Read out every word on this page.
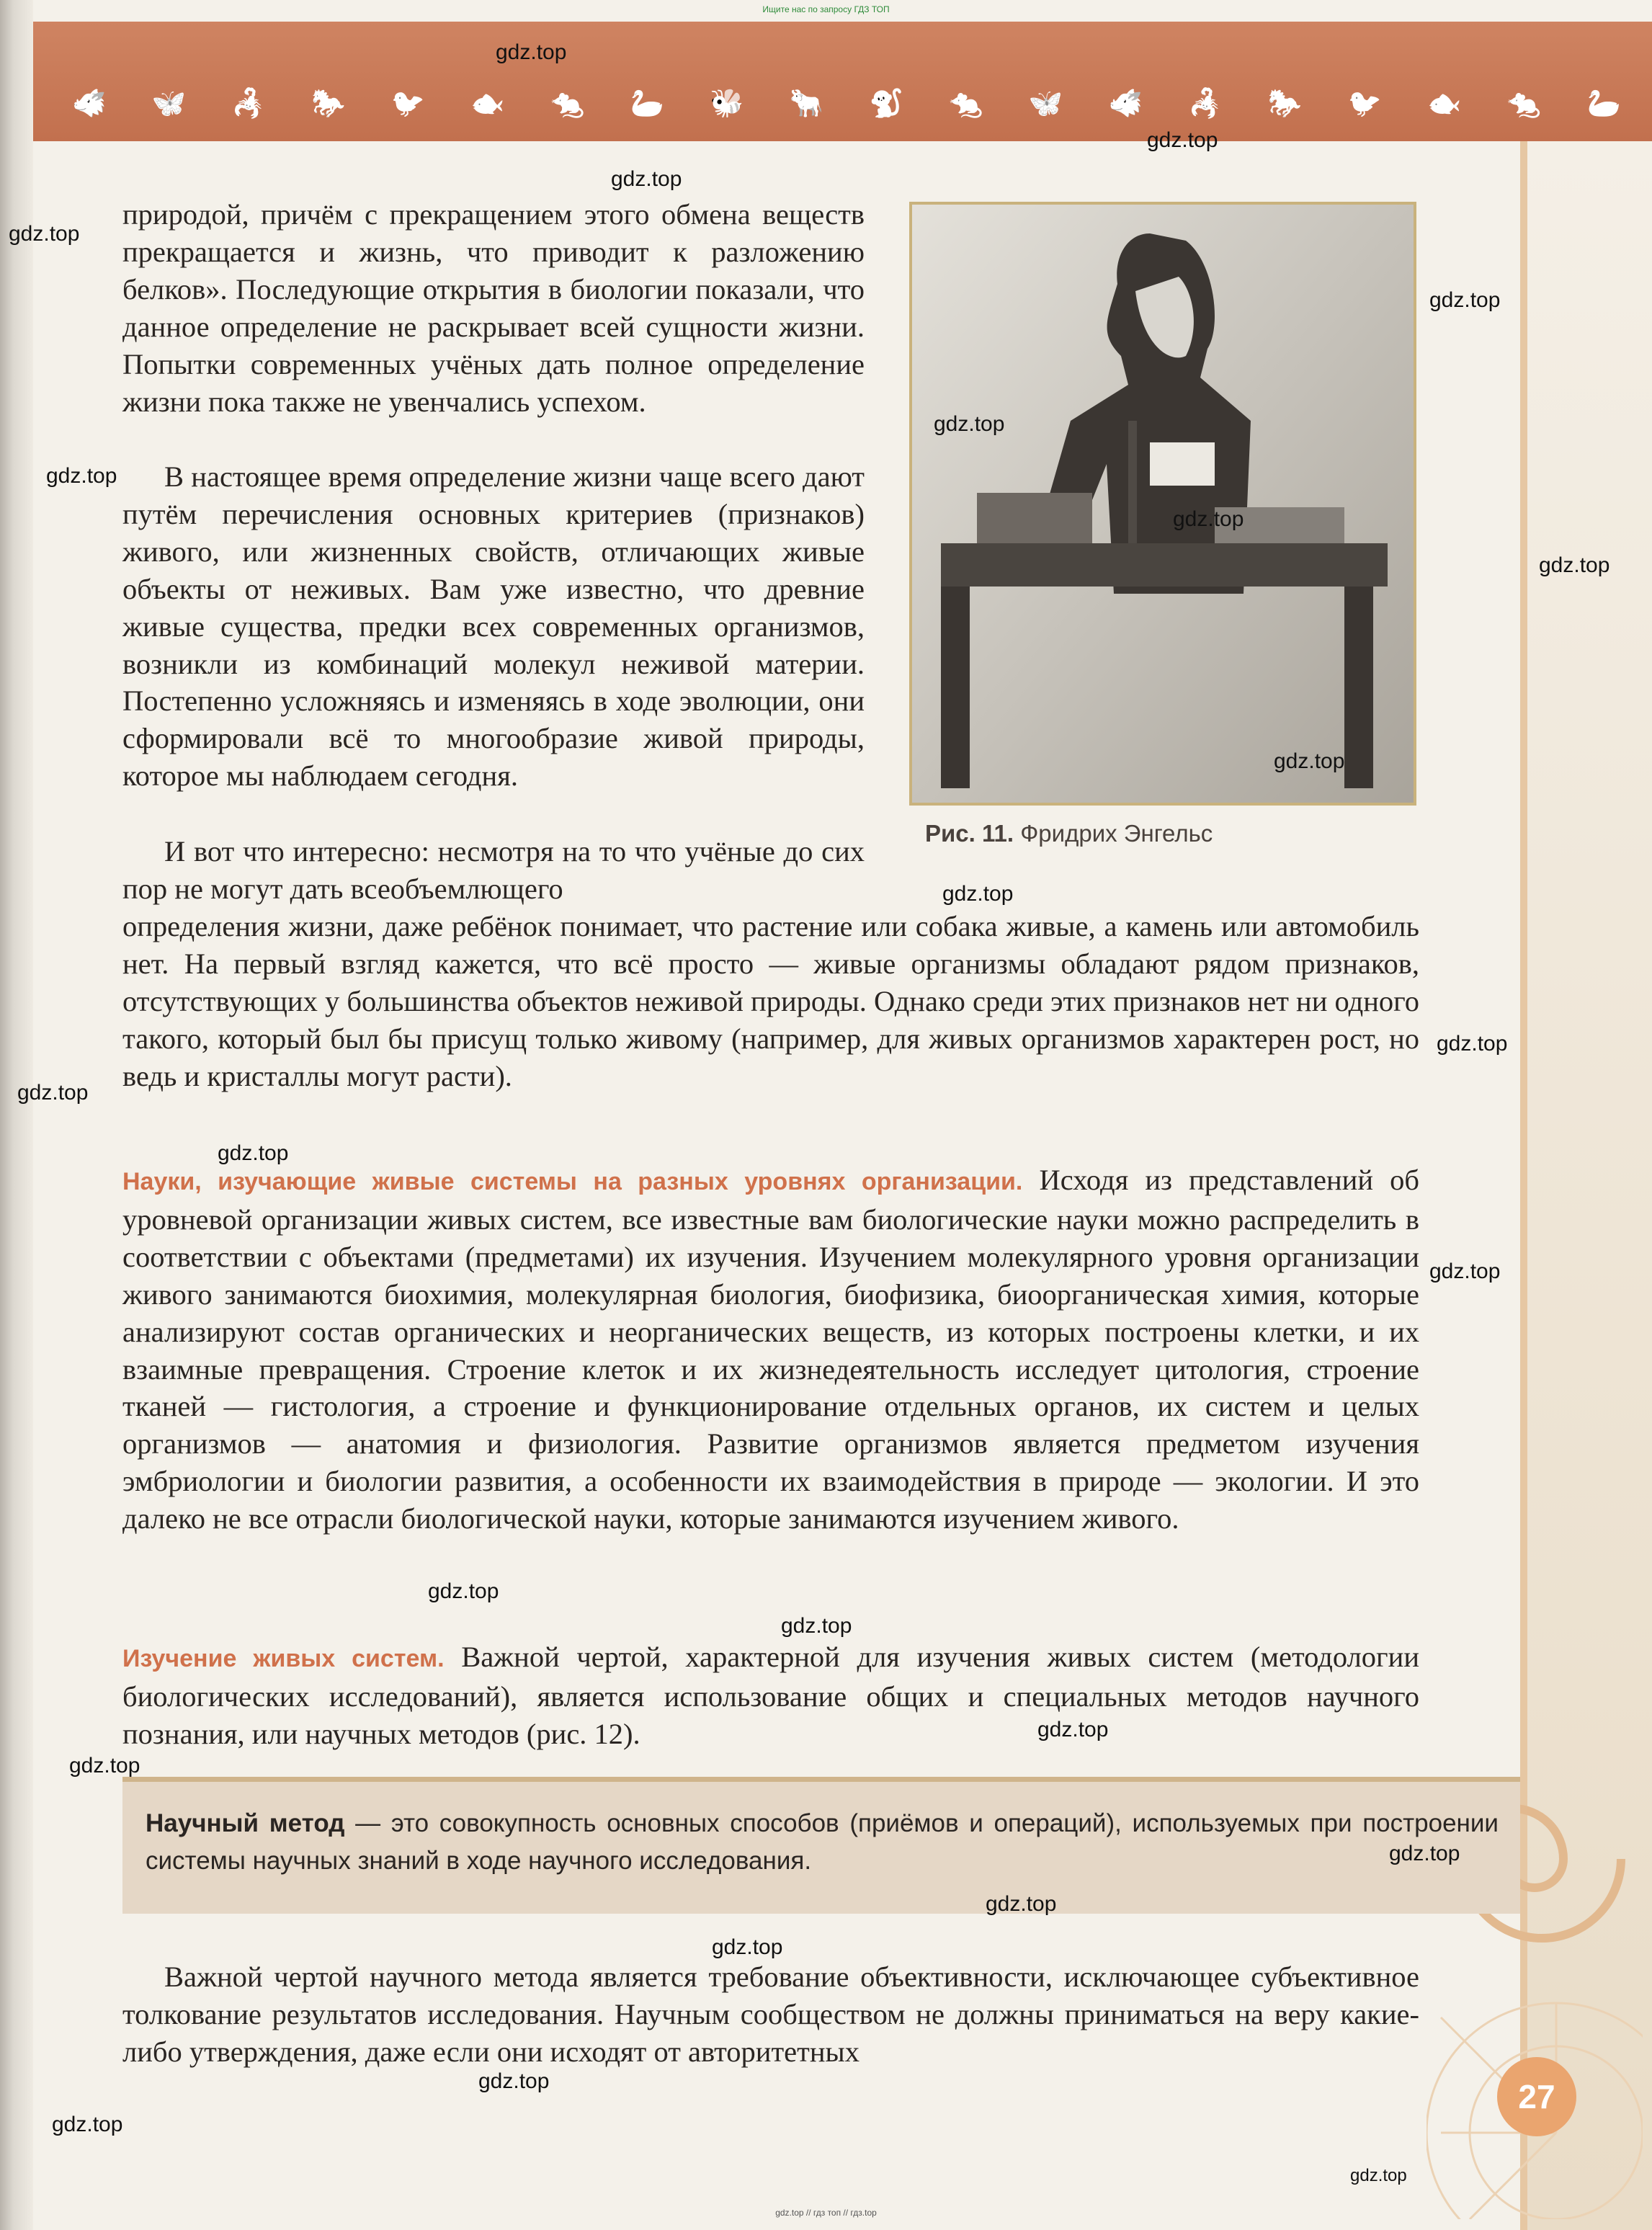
Ищите нас по запросу ГДЗ ТОП
🐗 🦋 🦂 🐎 🐦 🐟 🐀 🦢 🐝 🐂 🐒 🐀 🦋 🐗 🦂 🐎 🐦 🐟 🐀 🦢
Рис. 11. Фридрих Энгельс
природой, причём с прекращением этого обмена веществ прекращается и жизнь, что приводит к разложению белков». Последующие открытия в биологии показали, что данное определение не раскрывает всей сущности жизни. Попытки современных учёных дать полное определение жизни пока также не увенчались успехом.
В настоящее время определение жизни чаще всего дают путём перечисления основных критериев (признаков) живого, или жизненных свойств, отличающих живые объекты от неживых. Вам уже известно, что древние живые существа, предки всех современных организмов, возникли из комбинаций молекул неживой материи. Постепенно усложняясь и изменяясь в ходе эволюции, они сформировали всё то многообразие живой природы, которое мы наблюдаем сегодня.
И вот что интересно: несмотря на то что учёные до сих пор не могут дать всеобъемлющего
определения жизни, даже ребёнок понимает, что растение или собака живые, а камень или автомобиль нет. На первый взгляд кажется, что всё просто — живые организмы обладают рядом признаков, отсутствующих у большинства объектов неживой природы. Однако среди этих признаков нет ни одного такого, который был бы присущ только живому (например, для живых организмов характерен рост, но ведь и кристаллы могут расти).
Науки, изучающие живые системы на разных уровнях организации. Исходя из представлений об уровневой организации живых систем, все известные вам биологические науки можно распределить в соответствии с объектами (предметами) их изучения. Изучением молекулярного уровня организации живого занимаются биохимия, молекулярная биология, биофизика, биоорганическая химия, которые анализируют состав органических и неорганических веществ, из которых построены клетки, и их взаимные превращения. Строение клеток и их жизнедеятельность исследует цитология, строение тканей — гистология, а строение и функционирование отдельных органов, их систем и целых организмов — анатомия и физиология. Развитие организмов является предметом изучения эмбриологии и биологии развития, а особенности их взаимодействия в природе — экологии. И это далеко не все отрасли биологической науки, которые занимаются изучением живого.
Изучение живых систем. Важной чертой, характерной для изучения живых систем (методологии биологических исследований), является использование общих и специальных методов научного познания, или научных методов (рис. 12).
Научный метод — это совокупность основных способов (приёмов и операций), используемых при построении системы научных знаний в ходе научного исследования.
Важной чертой научного метода является требование объективности, исключающее субъективное толкование результатов исследования. Научным сообществом не должны приниматься на веру какие-либо утверждения, даже если они исходят от авторитетных
27
gdz.top
gdz.top
gdz.top
gdz.top
gdz.top
gdz.top
gdz.top
gdz.top
gdz.top
gdz.top
gdz.top
gdz.top
gdz.top
gdz.top
gdz.top
gdz.top
gdz.top
gdz.top
gdz.top
gdz.top
gdz.top
gdz.top
gdz.top
gdz.top
gdz.top
gdz.top // гдз топ // гдз.top
